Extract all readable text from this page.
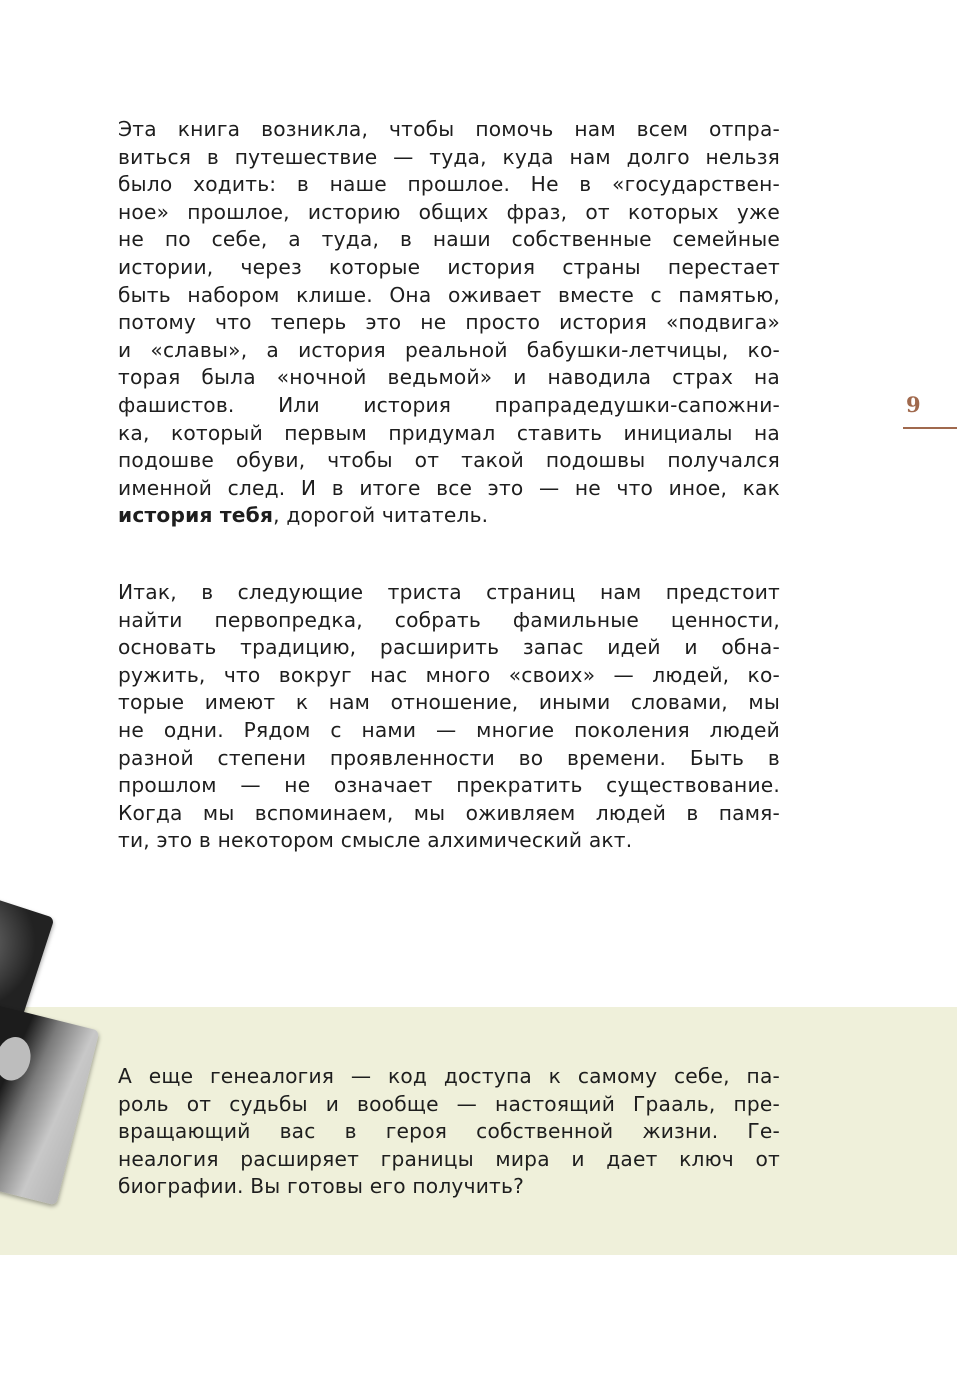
9
Эта книга возникла, чтобы помочь нам всем отпра-
виться в путешествие — туда, куда нам долго нельзя
было ходить: в наше прошлое. Не в «государствен-
ное» прошлое, историю общих фраз, от которых уже
не по себе, а туда, в наши собственные семейные
истории, через которые история страны перестает
быть набором клише. Она оживает вместе с памятью,
потому что теперь это не просто история «подвига»
и «славы», а история реальной бабушки-летчицы, ко-
торая была «ночной ведьмой» и наводила страх на
фашистов. Или история прапрадедушки-сапожни-
ка, который первым придумал ставить инициалы на
подошве обуви, чтобы от такой подошвы получался
именной след. И в итоге все это — не что иное, как
история тебя, дорогой читатель.
Итак, в следующие триста страниц нам предстоит
найти первопредка, собрать фамильные ценности,
основать традицию, расширить запас идей и обна-
ружить, что вокруг нас много «своих» — людей, ко-
торые имеют к нам отношение, иными словами, мы
не одни. Рядом с нами — многие поколения людей
разной степени проявленности во времени. Быть в
прошлом — не означает прекратить существование.
Когда мы вспоминаем, мы оживляем людей в памя-
ти, это в некотором смысле алхимический акт.
А еще генеалогия — код доступа к самому себе, па-
роль от судьбы и вообще — настоящий Грааль, пре-
вращающий вас в героя собственной жизни. Ге-
неалогия расширяет границы мира и дает ключ от
биографии. Вы готовы его получить?
